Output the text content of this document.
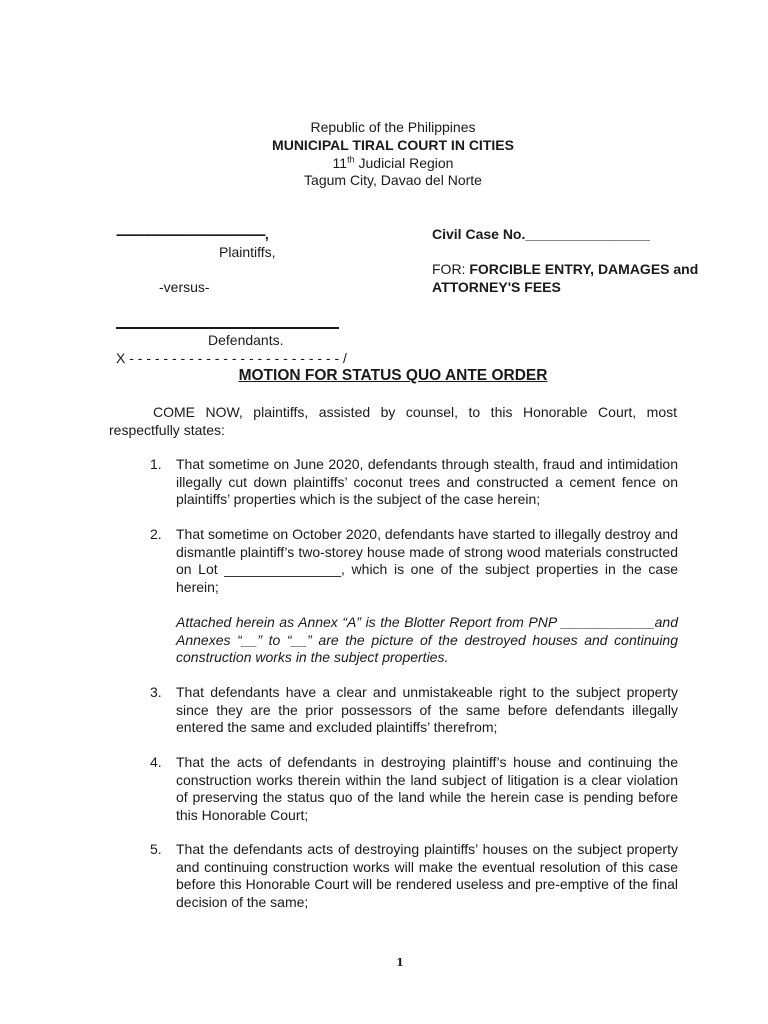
Republic of the Philippines
MUNICIPAL TIRAL COURT IN CITIES
11th Judicial Region
Tagum City, Davao del Norte
-------------------------------------------,
Plaintiffs,
-versus-
Defendants.
X - - - - - - - - - - - - - - - - - - - - - - - - - /
Civil Case No.________________
FOR: FORCIBLE ENTRY, DAMAGES and
ATTORNEY'S FEES
MOTION FOR STATUS QUO ANTE ORDER
COME NOW, plaintiffs, assisted by counsel, to this Honorable Court, most respectfully states:
1.	That sometime on June 2020, defendants through stealth, fraud and intimidation illegally cut down plaintiffs’ coconut trees and constructed a cement fence on plaintiffs’ properties which is the subject of the case herein;
2.	That sometime on October 2020, defendants have started to illegally destroy and dismantle plaintiff’s two-storey house made of strong wood materials constructed on Lot _______________, which is one of the subject properties in the case herein;
Attached herein as Annex “A” is the Blotter Report from PNP ____________and Annexes “__” to “__” are the picture of the destroyed houses and continuing construction works in the subject properties.
3.	That defendants have a clear and unmistakeable right to the subject property since they are the prior possessors of the same before defendants illegally entered the same and excluded plaintiffs’ therefrom;
4.	That the acts of defendants in destroying plaintiff’s house and continuing the construction works therein within the land subject of litigation is a clear violation of preserving the status quo of the land while the herein case is pending before this Honorable Court;
5.	That the defendants acts of destroying plaintiffs’ houses on the subject property and continuing construction works will make the eventual resolution of this case before this Honorable Court will be rendered useless and pre-emptive of the final decision of the same;
1
